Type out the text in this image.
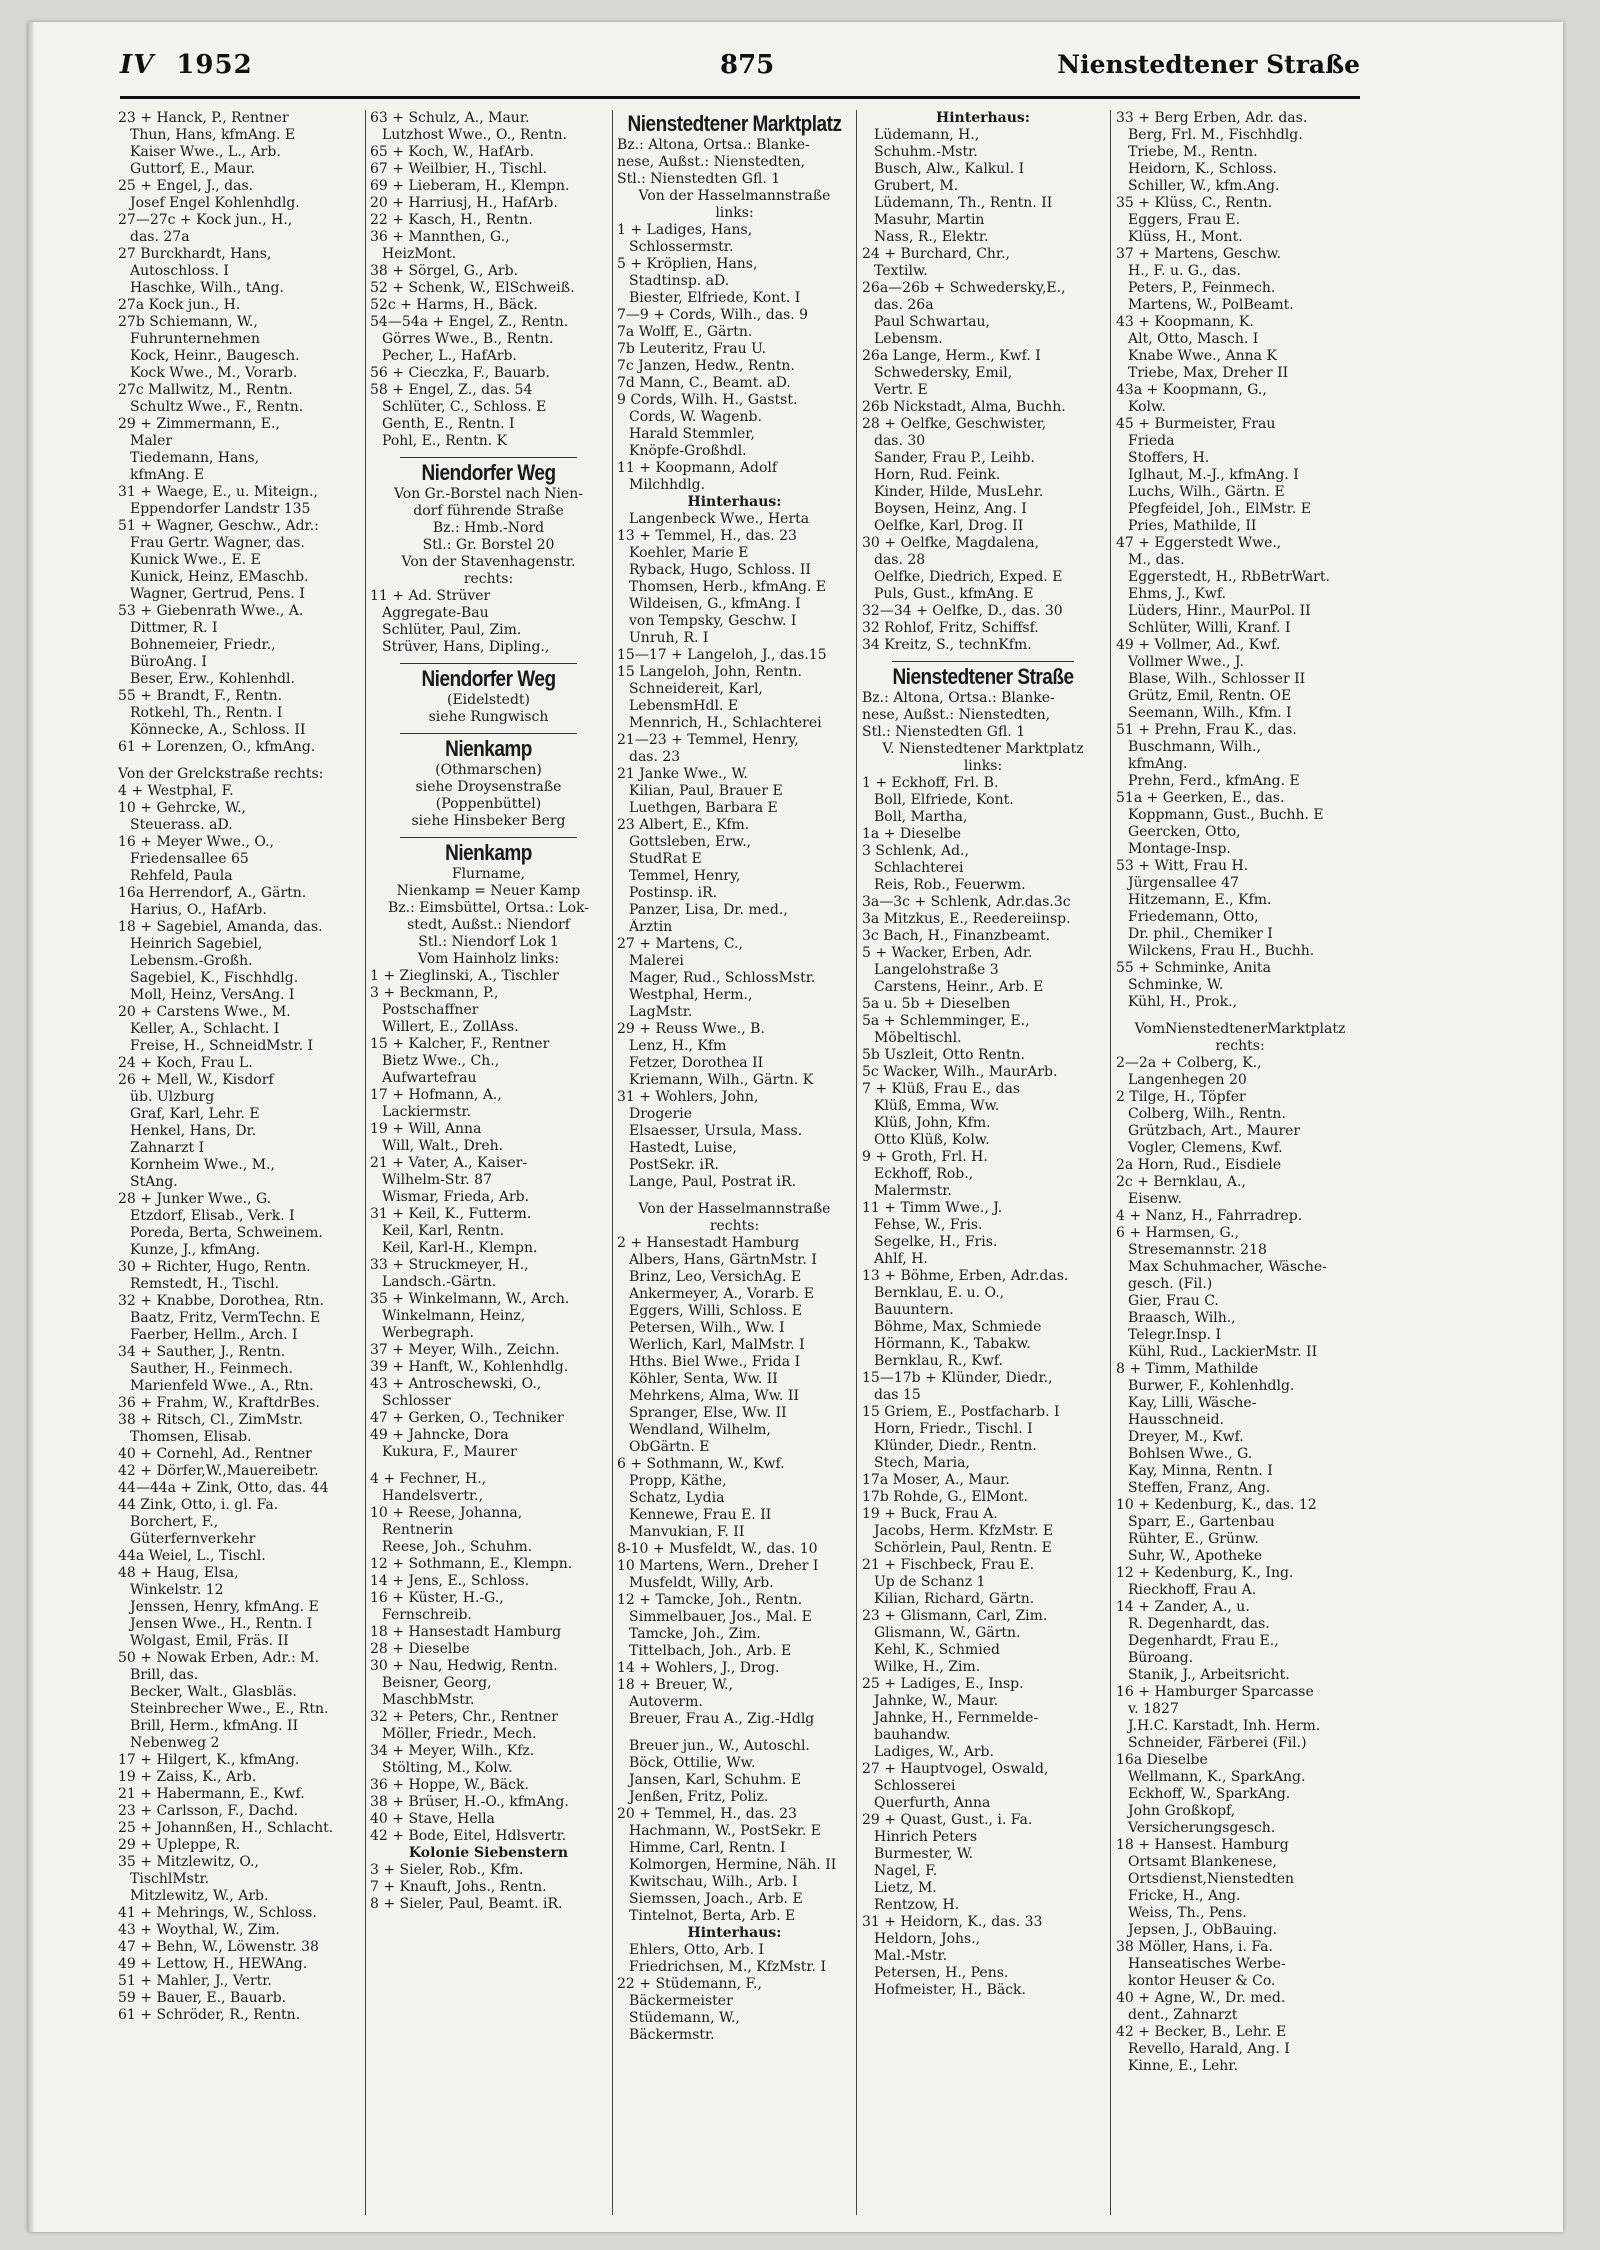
IV 1952	875	Nienstedtener Straße
23 + Hanck, P., Rentner
Thun, Hans, kfmAng. E
Kaiser Wwe., L., Arb.
Guttorf, E., Maur.
25 + Engel, J., das.
Josef Engel Kohlenhdlg.
27—27c + Kock jun., H.,
das. 27a
27 Burckhardt, Hans,
Autoschloss. I
Haschke, Wilh., tAng.
27a Kock jun., H.
27b Schiemann, W.,
Fuhrunternehmen
Kock, Heinr., Baugesch.
Kock Wwe., M., Vorarb.
27c Mallwitz, M., Rentn.
Schultz Wwe., F., Rentn.
29 + Zimmermann, E.,
Maler
Tiedemann, Hans,
kfmAng. E
31 + Waege, E., u. Miteign.,
Eppendorfer Landstr 135
51 + Wagner, Geschw., Adr.:
Frau Gertr. Wagner, das.
Kunick Wwe., E. E
Kunick, Heinz, EMaschb.
Wagner, Gertrud, Pens. I
53 + Giebenrath Wwe., A.
Dittmer, R. I
Bohnemeier, Friedr.,
BüroAng. I
Beser, Erw., Kohlenhdl.
55 + Brandt, F., Rentn.
Rotkehl, Th., Rentn. I
Könnecke, A., Schloss. II
61 + Lorenzen, O., kfmAng.
Von der Grelckstraße rechts:
4 + Westphal, F.
10 + Gehrcke, W.,
Steuerass. aD.
16 + Meyer Wwe., O.,
Friedensallee 65
Rehfeld, Paula
16a Herrendorf, A., Gärtn.
Harius, O., HafArb.
18 + Sagebiel, Amanda, das.
Heinrich Sagebiel,
Lebensm.-Großh.
Sagebiel, K., Fischhdlg.
Moll, Heinz, VersAng. I
20 + Carstens Wwe., M.
Keller, A., Schlacht. I
Freise, H., SchneidMstr. I
24 + Koch, Frau L.
26 + Mell, W., Kisdorf
üb. Ulzburg
Graf, Karl, Lehr. E
Henkel, Hans, Dr.
Zahnarzt I
Kornheim Wwe., M.,
StAng.
28 + Junker Wwe., G.
Etzdorf, Elisab., Verk. I
Poreda, Berta, Schweinem.
Kunze, J., kfmAng.
30 + Richter, Hugo, Rentn.
Remstedt, H., Tischl.
32 + Knabbe, Dorothea, Rtn.
Baatz, Fritz, VermTechn. E
Faerber, Hellm., Arch. I
34 + Sauther, J., Rentn.
Sauther, H., Feinmech.
Marienfeld Wwe., A., Rtn.
36 + Frahm, W., KraftdrBes.
38 + Ritsch, Cl., ZimMstr.
Thomsen, Elisab.
40 + Cornehl, Ad., Rentner
42 + Dörfer,W.,Mauereibetr.
44—44a + Zink, Otto, das. 44
44 Zink, Otto, i. gl. Fa.
Borchert, F.,
Güterfernverkehr
44a Weiel, L., Tischl.
48 + Haug, Elsa,
Winkelstr. 12
Jenssen, Henry, kfmAng. E
Jensen Wwe., H., Rentn. I
Wolgast, Emil, Fräs. II
50 + Nowak Erben, Adr.: M.
Brill, das.
Becker, Walt., Glasbläs.
Steinbrecher Wwe., E., Rtn.
Brill, Herm., kfmAng. II
Nebenweg 2
17 + Hilgert, K., kfmAng.
19 + Zaiss, K., Arb.
21 + Habermann, E., Kwf.
23 + Carlsson, F., Dachd.
25 + Johannßen, H., Schlacht.
29 + Upleppe, R.
35 + Mitzlewitz, O.,
TischlMstr.
Mitzlewitz, W., Arb.
41 + Mehrings, W., Schloss.
43 + Woythal, W., Zim.
47 + Behn, W., Löwenstr. 38
49 + Lettow, H., HEWAng.
51 + Mahler, J., Vertr.
59 + Bauer, E., Bauarb.
61 + Schröder, R., Rentn.
63 + Schulz, A., Maur.
Lutzhost Wwe., O., Rentn.
65 + Koch, W., HafArb.
67 + Weilbier, H., Tischl.
69 + Lieberam, H., Klempn.
20 + Harriusj, H., HafArb.
22 + Kasch, H., Rentn.
36 + Mannthen, G.,
HeizMont.
38 + Sörgel, G., Arb.
52 + Schenk, W., ElSchweiß.
52c + Harms, H., Bäck.
54—54a + Engel, Z., Rentn.
Görres Wwe., B., Rentn.
Pecher, L., HafArb.
56 + Cieczka, F., Bauarb.
58 + Engel, Z., das. 54
Schlüter, C., Schloss. E
Genth, E., Rentn. I
Pohl, E., Rentn. K
Niendorfer Weg
Von Gr.-Borstel nach Nien-
dorf führende Straße
Bz.: Hmb.-Nord
Stl.: Gr. Borstel 20
Von der Stavenhagenstr.
rechts:
11 + Ad. Strüver
Aggregate-Bau
Schlüter, Paul, Zim.
Strüver, Hans, Dipling.,
Niendorfer Weg
(Eidelstedt)
siehe Rungwisch
Nienkamp
(Othmarschen)
siehe Droysenstraße
(Poppenbüttel)
siehe Hinsbeker Berg
Nienkamp
Flurname,
Nienkamp = Neuer Kamp
Bz.: Eimsbüttel, Ortsa.: Lok-
stedt, Außst.: Niendorf
Stl.: Niendorf Lok 1
Vom Hainholz links:
1 + Zieglinski, A., Tischler
3 + Beckmann, P.,
Postschaffner
Willert, E., ZollAss.
15 + Kalcher, F., Rentner
Bietz Wwe., Ch.,
Aufwartefrau
17 + Hofmann, A.,
Lackiermstr.
19 + Will, Anna
Will, Walt., Dreh.
21 + Vater, A., Kaiser-
Wilhelm-Str. 87
Wismar, Frieda, Arb.
31 + Keil, K., Futterm.
Keil, Karl, Rentn.
Keil, Karl-H., Klempn.
33 + Struckmeyer, H.,
Landsch.-Gärtn.
35 + Winkelmann, W., Arch.
Winkelmann, Heinz,
Werbegraph.
37 + Meyer, Wilh., Zeichn.
39 + Hanft, W., Kohlenhdlg.
43 + Antroschewski, O.,
Schlosser
47 + Gerken, O., Techniker
49 + Jahncke, Dora
Kukura, F., Maurer
4 + Fechner, H.,
Handelsvertr.,
10 + Reese, Johanna,
Rentnerin
Reese, Joh., Schuhm.
12 + Sothmann, E., Klempn.
14 + Jens, E., Schloss.
16 + Küster, H.-G.,
Fernschreib.
18 + Hansestadt Hamburg
28 + Dieselbe
30 + Nau, Hedwig, Rentn.
Beisner, Georg,
MaschbMstr.
32 + Peters, Chr., Rentner
Möller, Friedr., Mech.
34 + Meyer, Wilh., Kfz.
Stölting, M., Kolw.
36 + Hoppe, W., Bäck.
38 + Brüser, H.-O., kfmAng.
40 + Stave, Hella
42 + Bode, Eitel, Hdlsvertr.
Kolonie Siebenstern
3 + Sieler, Rob., Kfm.
7 + Knauft, Johs., Rentn.
8 + Sieler, Paul, Beamt. iR.
Nienstedtener Marktplatz
Bz.: Altona, Ortsa.: Blanke-
nese, Außst.: Nienstedten,
Stl.: Nienstedten Gfl. 1
Von der Hasselmannstraße
links:
1 + Ladiges, Hans,
Schlossermstr.
5 + Kröplien, Hans,
Stadtinsp. aD.
Biester, Elfriede, Kont. I
7—9 + Cords, Wilh., das. 9
7a Wolff, E., Gärtn.
7b Leuteritz, Frau U.
7c Janzen, Hedw., Rentn.
7d Mann, C., Beamt. aD.
9 Cords, Wilh. H., Gastst.
Cords, W. Wagenb.
Harald Stemmler,
Knöpfe-Großhdl.
11 + Koopmann, Adolf
Milchhdlg.
Hinterhaus:
Langenbeck Wwe., Herta
13 + Temmel, H., das. 23
Koehler, Marie E
Ryback, Hugo, Schloss. II
Thomsen, Herb., kfmAng. E
Wildeisen, G., kfmAng. I
von Tempsky, Geschw. I
Unruh, R. I
15—17 + Langeloh, J., das.15
15 Langeloh, John, Rentn.
Schneidereit, Karl,
LebensmHdl. E
Mennrich, H., Schlachterei
21—23 + Temmel, Henry,
das. 23
21 Janke Wwe., W.
Kilian, Paul, Brauer E
Luethgen, Barbara E
23 Albert, E., Kfm.
Gottsleben, Erw.,
StudRat E
Temmel, Henry,
Postinsp. iR.
Panzer, Lisa, Dr. med.,
Ärztin
27 + Martens, C.,
Malerei
Mager, Rud., SchlossMstr.
Westphal, Herm.,
LagMstr.
29 + Reuss Wwe., B.
Lenz, H., Kfm
Fetzer, Dorothea II
Kriemann, Wilh., Gärtn. K
31 + Wohlers, John,
Drogerie
Elsaesser, Ursula, Mass.
Hastedt, Luise,
PostSekr. iR.
Lange, Paul, Postrat iR.
Von der Hasselmannstraße
rechts:
2 + Hansestadt Hamburg
Albers, Hans, GärtnMstr. I
Brinz, Leo, VersichAg. E
Ankermeyer, A., Vorarb. E
Eggers, Willi, Schloss. E
Petersen, Wilh., Ww. I
Werlich, Karl, MalMstr. I
Hths. Biel Wwe., Frida I
Köhler, Senta, Ww. II
Mehrkens, Alma, Ww. II
Spranger, Else, Ww. II
Wendland, Wilhelm,
ObGärtn. E
6 + Sothmann, W., Kwf.
Propp, Käthe,
Schatz, Lydia
Kennewe, Frau E. II
Manvukian, F. II
8-10 + Musfeldt, W., das. 10
10 Martens, Wern., Dreher I
Musfeldt, Willy, Arb.
12 + Tamcke, Joh., Rentn.
Simmelbauer, Jos., Mal. E
Tamcke, Joh., Zim.
Tittelbach, Joh., Arb. E
14 + Wohlers, J., Drog.
18 + Breuer, W.,
Autoverm.
Breuer, Frau A., Zig.-Hdlg
Breuer jun., W., Autoschl.
Böck, Ottilie, Ww.
Jansen, Karl, Schuhm. E
Jenßen, Fritz, Poliz.
20 + Temmel, H., das. 23
Hachmann, W., PostSekr. E
Himme, Carl, Rentn. I
Kolmorgen, Hermine, Näh. II
Kwitschau, Wilh., Arb. I
Siemssen, Joach., Arb. E
Tintelnot, Berta, Arb. E
Hinterhaus:
Ehlers, Otto, Arb. I
Friedrichsen, M., KfzMstr. I
22 + Stüdemann, F.,
Bäckermeister
Stüdemann, W.,
Bäckermstr.
Hinterhaus:
Lüdemann, H.,
Schuhm.-Mstr.
Busch, Alw., Kalkul. I
Grubert, M.
Lüdemann, Th., Rentn. II
Masuhr, Martin
Nass, R., Elektr.
24 + Burchard, Chr.,
Textilw.
26a—26b + Schwedersky,E.,
das. 26a
Paul Schwartau,
Lebensm.
26a Lange, Herm., Kwf. I
Schwedersky, Emil,
Vertr. E
26b Nickstadt, Alma, Buchh.
28 + Oelfke, Geschwister,
das. 30
Sander, Frau P., Leihb.
Horn, Rud. Feink.
Kinder, Hilde, MusLehr.
Boysen, Heinz, Ang. I
Oelfke, Karl, Drog. II
30 + Oelfke, Magdalena,
das. 28
Oelfke, Diedrich, Exped. E
Puls, Gust., kfmAng. E
32—34 + Oelfke, D., das. 30
32 Rohlof, Fritz, Schiffsf.
34 Kreitz, S., technKfm.
Nienstedtener Straße
Bz.: Altona, Ortsa.: Blanke-
nese, Außst.: Nienstedten,
Stl.: Nienstedten Gfl. 1
V. Nienstedtener Marktplatz
links:
1 + Eckhoff, Frl. B.
Boll, Elfriede, Kont.
Boll, Martha,
1a + Dieselbe
3 Schlenk, Ad.,
Schlachterei
Reis, Rob., Feuerwm.
3a—3c + Schlenk, Adr.das.3c
3a Mitzkus, E., Reedereiinsp.
3c Bach, H., Finanzbeamt.
5 + Wacker, Erben, Adr.
Langelohstraße 3
Carstens, Heinr., Arb. E
5a u. 5b + Dieselben
5a + Schlemminger, E.,
Möbeltischl.
5b Uszleit, Otto Rentn.
5c Wacker, Wilh., MaurArb.
7 + Klüß, Frau E., das
Klüß, Emma, Ww.
Klüß, John, Kfm.
Otto Klüß, Kolw.
9 + Groth, Frl. H.
Eckhoff, Rob.,
Malermstr.
11 + Timm Wwe., J.
Fehse, W., Fris.
Segelke, H., Fris.
Ahlf, H.
13 + Böhme, Erben, Adr.das.
Bernklau, E. u. O.,
Bauuntern.
Böhme, Max, Schmiede
Hörmann, K., Tabakw.
Bernklau, R., Kwf.
15—17b + Klünder, Diedr.,
das 15
15 Griem, E., Postfacharb. I
Horn, Friedr., Tischl. I
Klünder, Diedr., Rentn.
Stech, Maria,
17a Moser, A., Maur.
17b Rohde, G., ElMont.
19 + Buck, Frau A.
Jacobs, Herm. KfzMstr. E
Schörlein, Paul, Rentn. E
21 + Fischbeck, Frau E.
Up de Schanz 1
Kilian, Richard, Gärtn.
23 + Glismann, Carl, Zim.
Glismann, W., Gärtn.
Kehl, K., Schmied
Wilke, H., Zim.
25 + Ladiges, E., Insp.
Jahnke, W., Maur.
Jahnke, H., Fernmelde-
bauhandw.
Ladiges, W., Arb.
27 + Hauptvogel, Oswald,
Schlosserei
Querfurth, Anna
29 + Quast, Gust., i. Fa.
Hinrich Peters
Burmester, W.
Nagel, F.
Lietz, M.
Rentzow, H.
31 + Heidorn, K., das. 33
Heldorn, Johs.,
Mal.-Mstr.
Petersen, H., Pens.
Hofmeister, H., Bäck.
33 + Berg Erben, Adr. das.
Berg, Frl. M., Fischhdlg.
Triebe, M., Rentn.
Heidorn, K., Schloss.
Schiller, W., kfm.Ang.
35 + Klüss, C., Rentn.
Eggers, Frau E.
Klüss, H., Mont.
37 + Martens, Geschw.
H., F. u. G., das.
Peters, P., Feinmech.
Martens, W., PolBeamt.
43 + Koopmann, K.
Alt, Otto, Masch. I
Knabe Wwe., Anna K
Triebe, Max, Dreher II
43a + Koopmann, G.,
Kolw.
45 + Burmeister, Frau
Frieda
Stoffers, H.
Iglhaut, M.-J., kfmAng. I
Luchs, Wilh., Gärtn. E
Pfegfeidel, Joh., ElMstr. E
Pries, Mathilde, II
47 + Eggerstedt Wwe.,
M., das.
Eggerstedt, H., RbBetrWart.
Ehms, J., Kwf.
Lüders, Hinr., MaurPol. II
Schlüter, Willi, Kranf. I
49 + Vollmer, Ad., Kwf.
Vollmer Wwe., J.
Blase, Wilh., Schlosser II
Grütz, Emil, Rentn. OE
Seemann, Wilh., Kfm. I
51 + Prehn, Frau K., das.
Buschmann, Wilh.,
kfmAng.
Prehn, Ferd., kfmAng. E
51a + Geerken, E., das.
Koppmann, Gust., Buchh. E
Geercken, Otto,
Montage-Insp.
53 + Witt, Frau H.
Jürgensallee 47
Hitzemann, E., Kfm.
Friedemann, Otto,
Dr. phil., Chemiker I
Wilckens, Frau H., Buchh.
55 + Schminke, Anita
Schminke, W.
Kühl, H., Prok.,
VomNienstedtenerMarktplatz
rechts:
2—2a + Colberg, K.,
Langenhegen 20
2 Tilge, H., Töpfer
Colberg, Wilh., Rentn.
Grützbach, Art., Maurer
Vogler, Clemens, Kwf.
2a Horn, Rud., Eisdiele
2c + Bernklau, A.,
Eisenw.
4 + Nanz, H., Fahrradrep.
6 + Harmsen, G.,
Stresemannstr. 218
Max Schuhmacher, Wäsche-
gesch. (Fil.)
Gier, Frau C.
Braasch, Wilh.,
Telegr.Insp. I
Kühl, Rud., LackierMstr. II
8 + Timm, Mathilde
Burwer, F., Kohlenhdlg.
Kay, Lilli, Wäsche-
Hausschneid.
Dreyer, M., Kwf.
Bohlsen Wwe., G.
Kay, Minna, Rentn. I
Steffen, Franz, Ang.
10 + Kedenburg, K., das. 12
Sparr, E., Gartenbau
Rühter, E., Grünw.
Suhr, W., Apotheke
12 + Kedenburg, K., Ing.
Rieckhoff, Frau A.
14 + Zander, A., u.
R. Degenhardt, das.
Degenhardt, Frau E.,
Büroang.
Stanik, J., Arbeitsricht.
16 + Hamburger Sparcasse
v. 1827
J.H.C. Karstadt, Inh. Herm.
Schneider, Färberei (Fil.)
16a Dieselbe
Wellmann, K., SparkAng.
Eckhoff, W., SparkAng.
John Großkopf,
Versicherungsgesch.
18 + Hansest. Hamburg
Ortsamt Blankenese,
Ortsdienst,Nienstedten
Fricke, H., Ang.
Weiss, Th., Pens.
Jepsen, J., ObBauing.
38 Möller, Hans, i. Fa.
Hanseatisches Werbe-
kontor Heuser & Co.
40 + Agne, W., Dr. med.
dent., Zahnarzt
42 + Becker, B., Lehr. E
Revello, Harald, Ang. I
Kinne, E., Lehr.
